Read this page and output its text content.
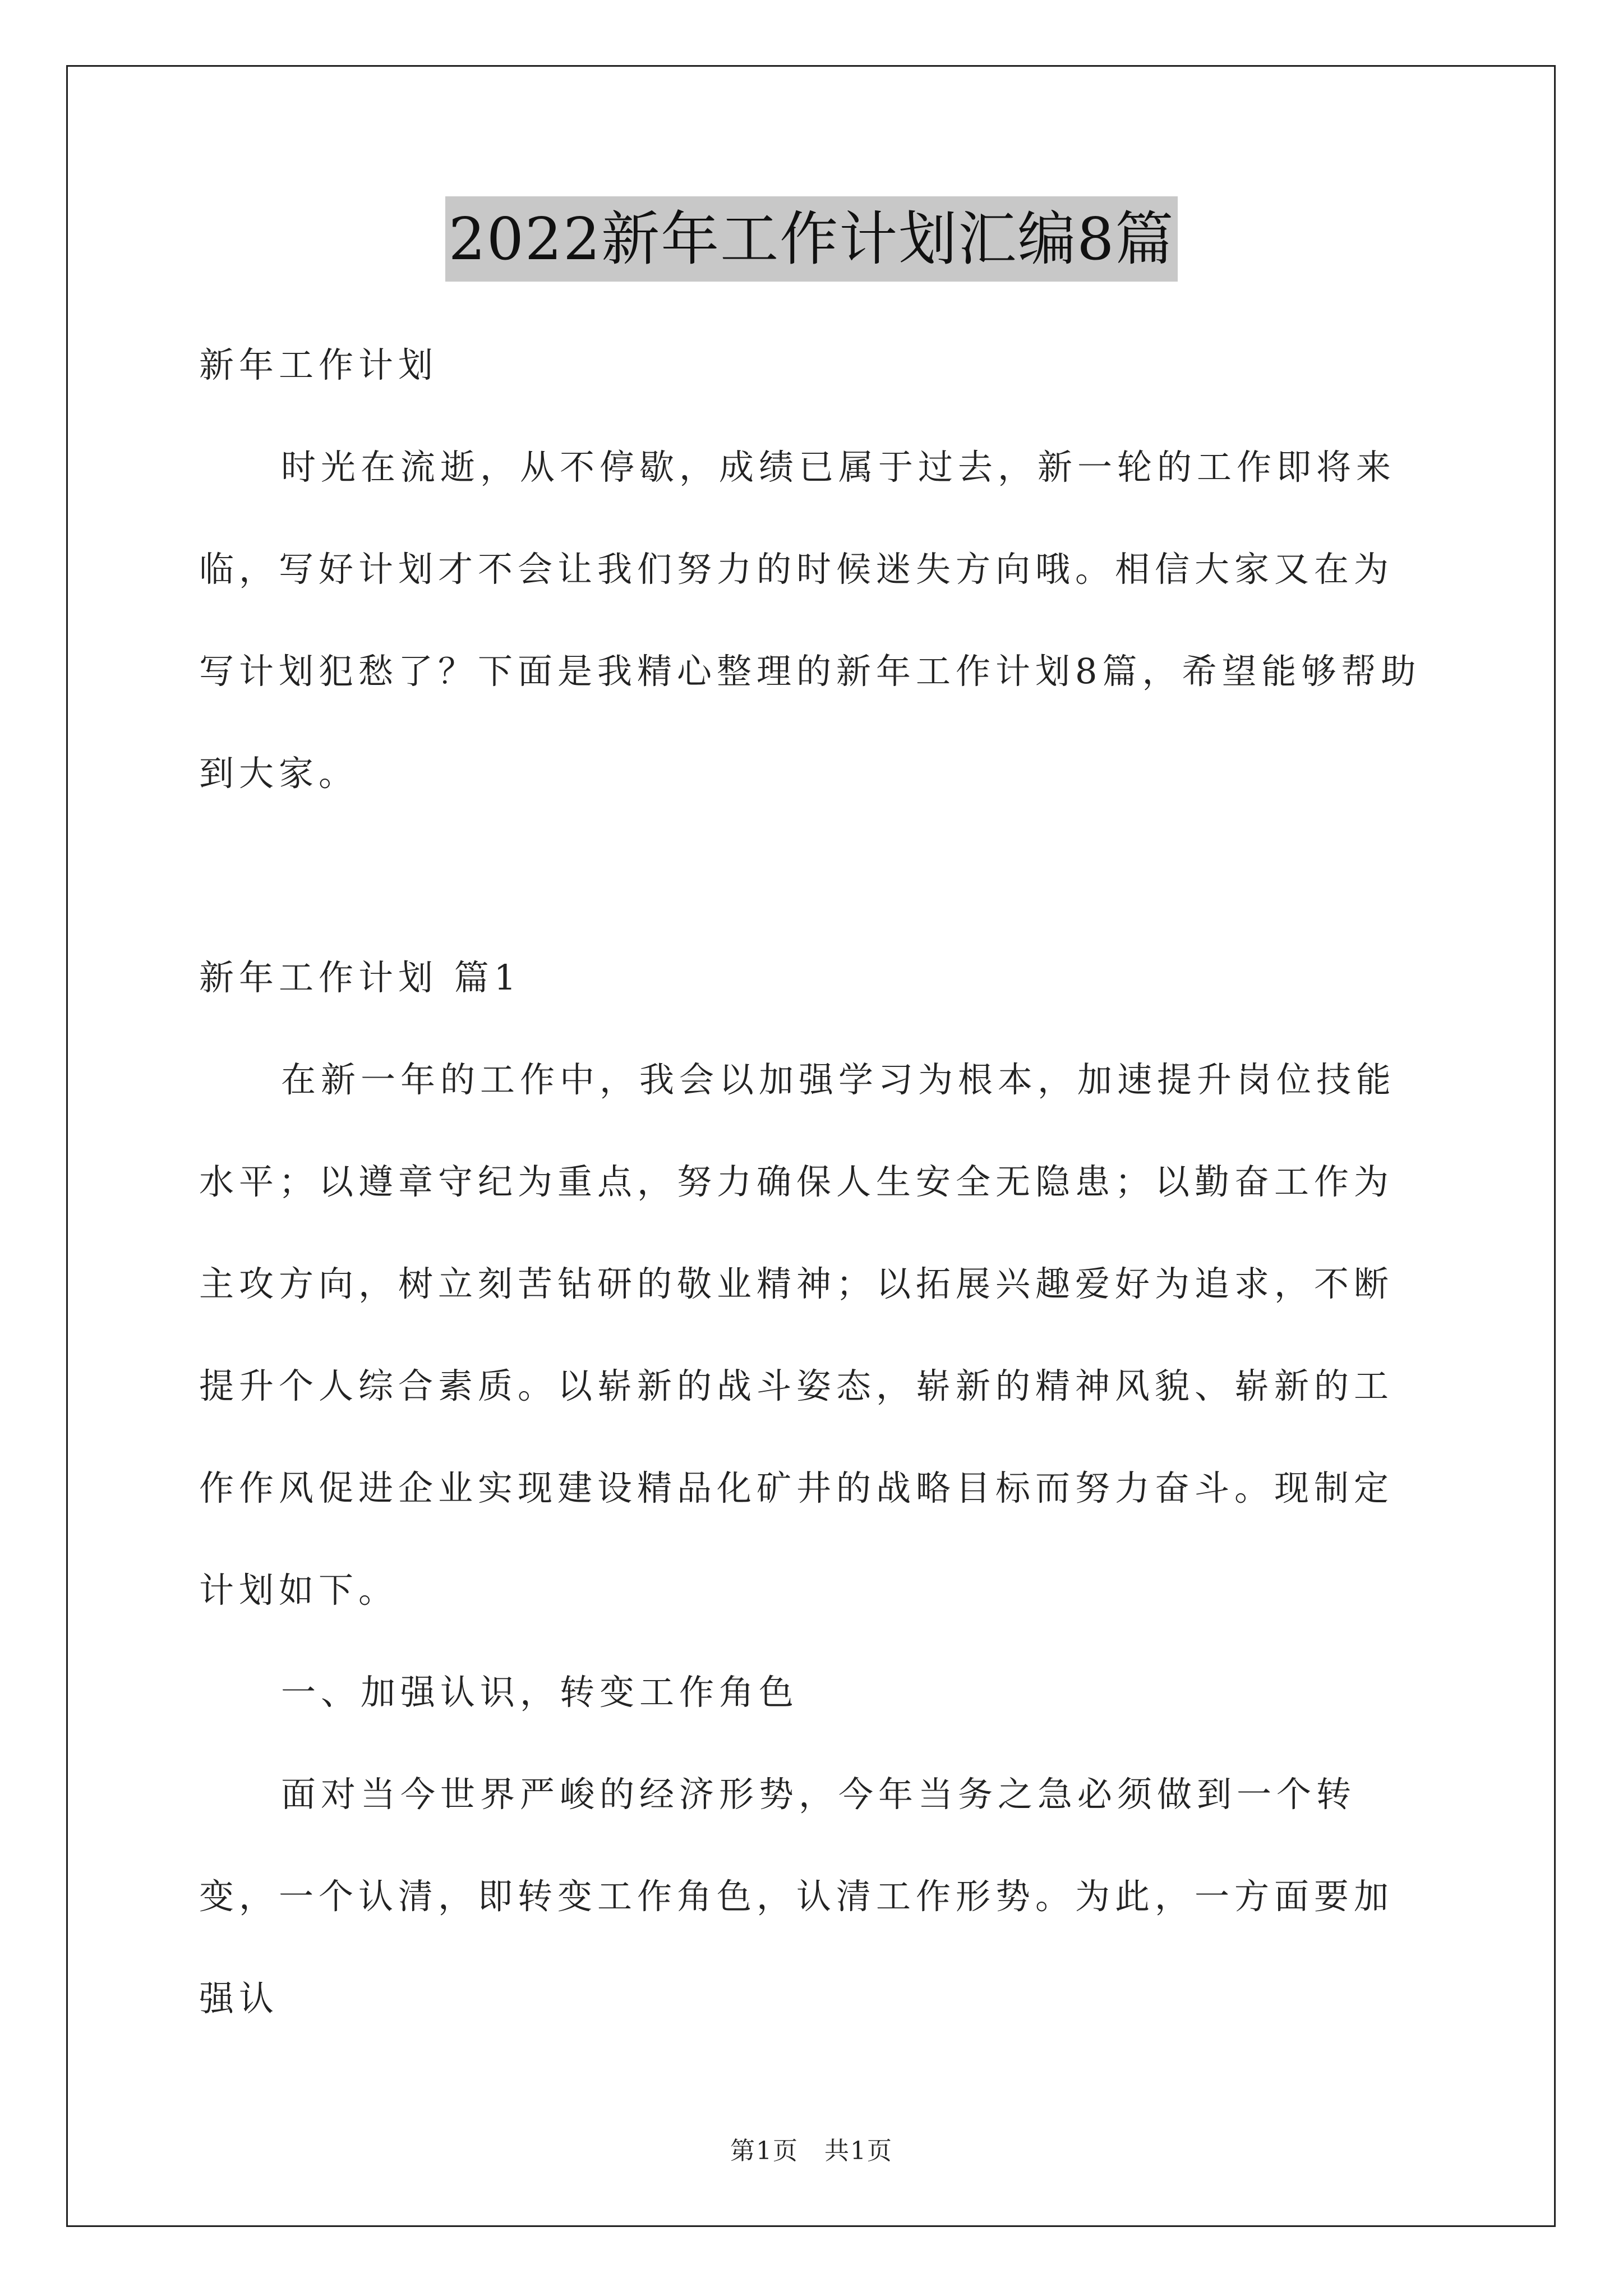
2022新年工作计划汇编8篇

新年工作计划

时光在流逝，从不停歇，成绩已属于过去，新一轮的工作即将来临，写好计划才不会让我们努力的时候迷失方向哦。相信大家又在为写计划犯愁了？下面是我精心整理的新年工作计划8篇，希望能够帮助到大家。

新年工作计划 篇1

在新一年的工作中，我会以加强学习为根本，加速提升岗位技能水平；以遵章守纪为重点，努力确保人生安全无隐患；以勤奋工作为主攻方向，树立刻苦钻研的敬业精神；以拓展兴趣爱好为追求，不断提升个人综合素质。以崭新的战斗姿态，崭新的精神风貌、崭新的工作作风促进企业实现建设精品化矿井的战略目标而努力奋斗。现制定计划如下。

一、加强认识，转变工作角色

面对当今世界严峻的经济形势，今年当务之急必须做到一个转变，一个认清，即转变工作角色，认清工作形势。为此，一方面要加强认

第1页　共1页
